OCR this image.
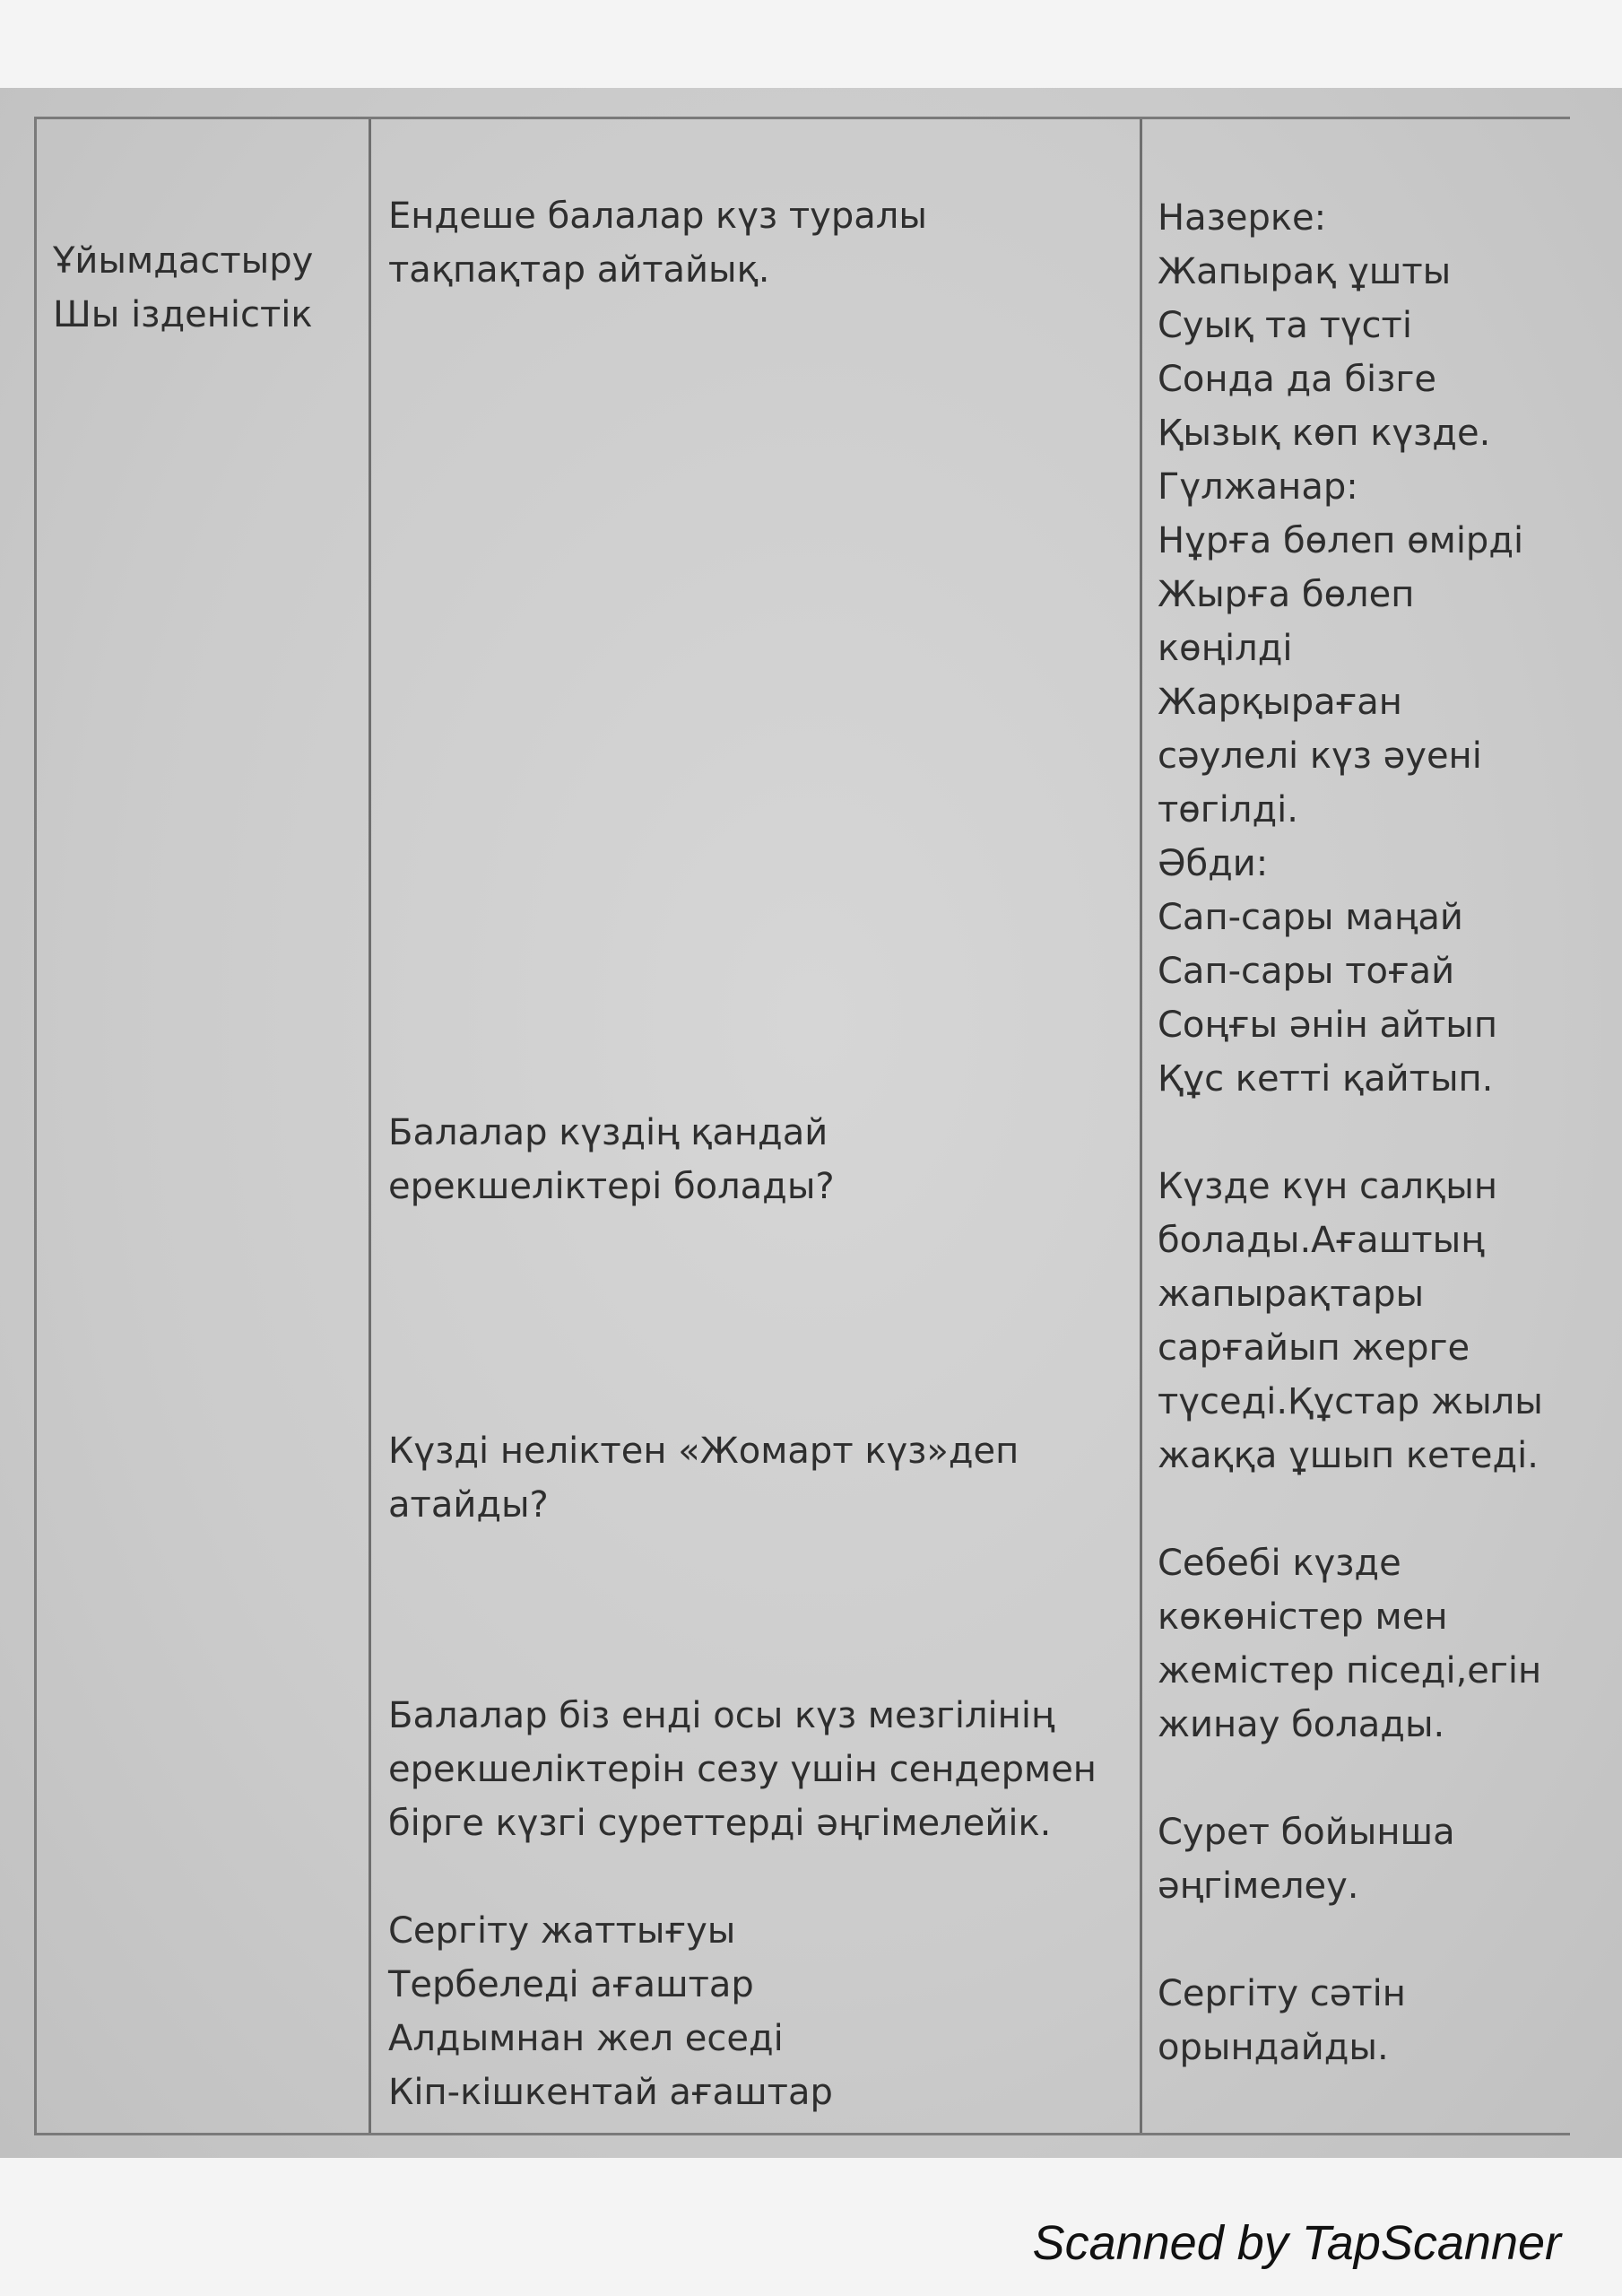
Ұйымдастыру
Шы ізденістік
Ендеше балалар күз туралы
тақпақтар айтайық.
Балалар күздің қандай
ерекшеліктері болады?
Күзді неліктен «Жомарт күз»деп
атайды?
Балалар біз енді осы күз мезгілінің
ерекшеліктерін сезу үшін сендермен
бірге күзгі суреттерді әңгімелейік.
Сергіту жаттығуы
Тербеледі ағаштар
Алдымнан жел еседі
Кіп-кішкентай ағаштар
Назерке:
Жапырақ ұшты
Суық та түсті
Сонда да бізге
Қызық көп күзде.
Гүлжанар:
Нұрға бөлеп өмірді
Жырға бөлеп
көңілді
Жарқыраған
сәулелі күз әуені
төгілді.
Әбди:
Сап-сары маңай
Сап-сары тоғай
Соңғы әнін айтып
Құс кетті қайтып.

Күзде күн салқын
болады.Ағаштың
жапырақтары
сарғайып жерге
түседі.Құстар жылы
жаққа ұшып кетеді.

Себебі күзде
көкөністер мен
жемістер піседі,егін
жинау болады.

Сурет бойынша
әңгімелеу.

Сергіту сәтін
орындайды.
Scanned by TapScanner
